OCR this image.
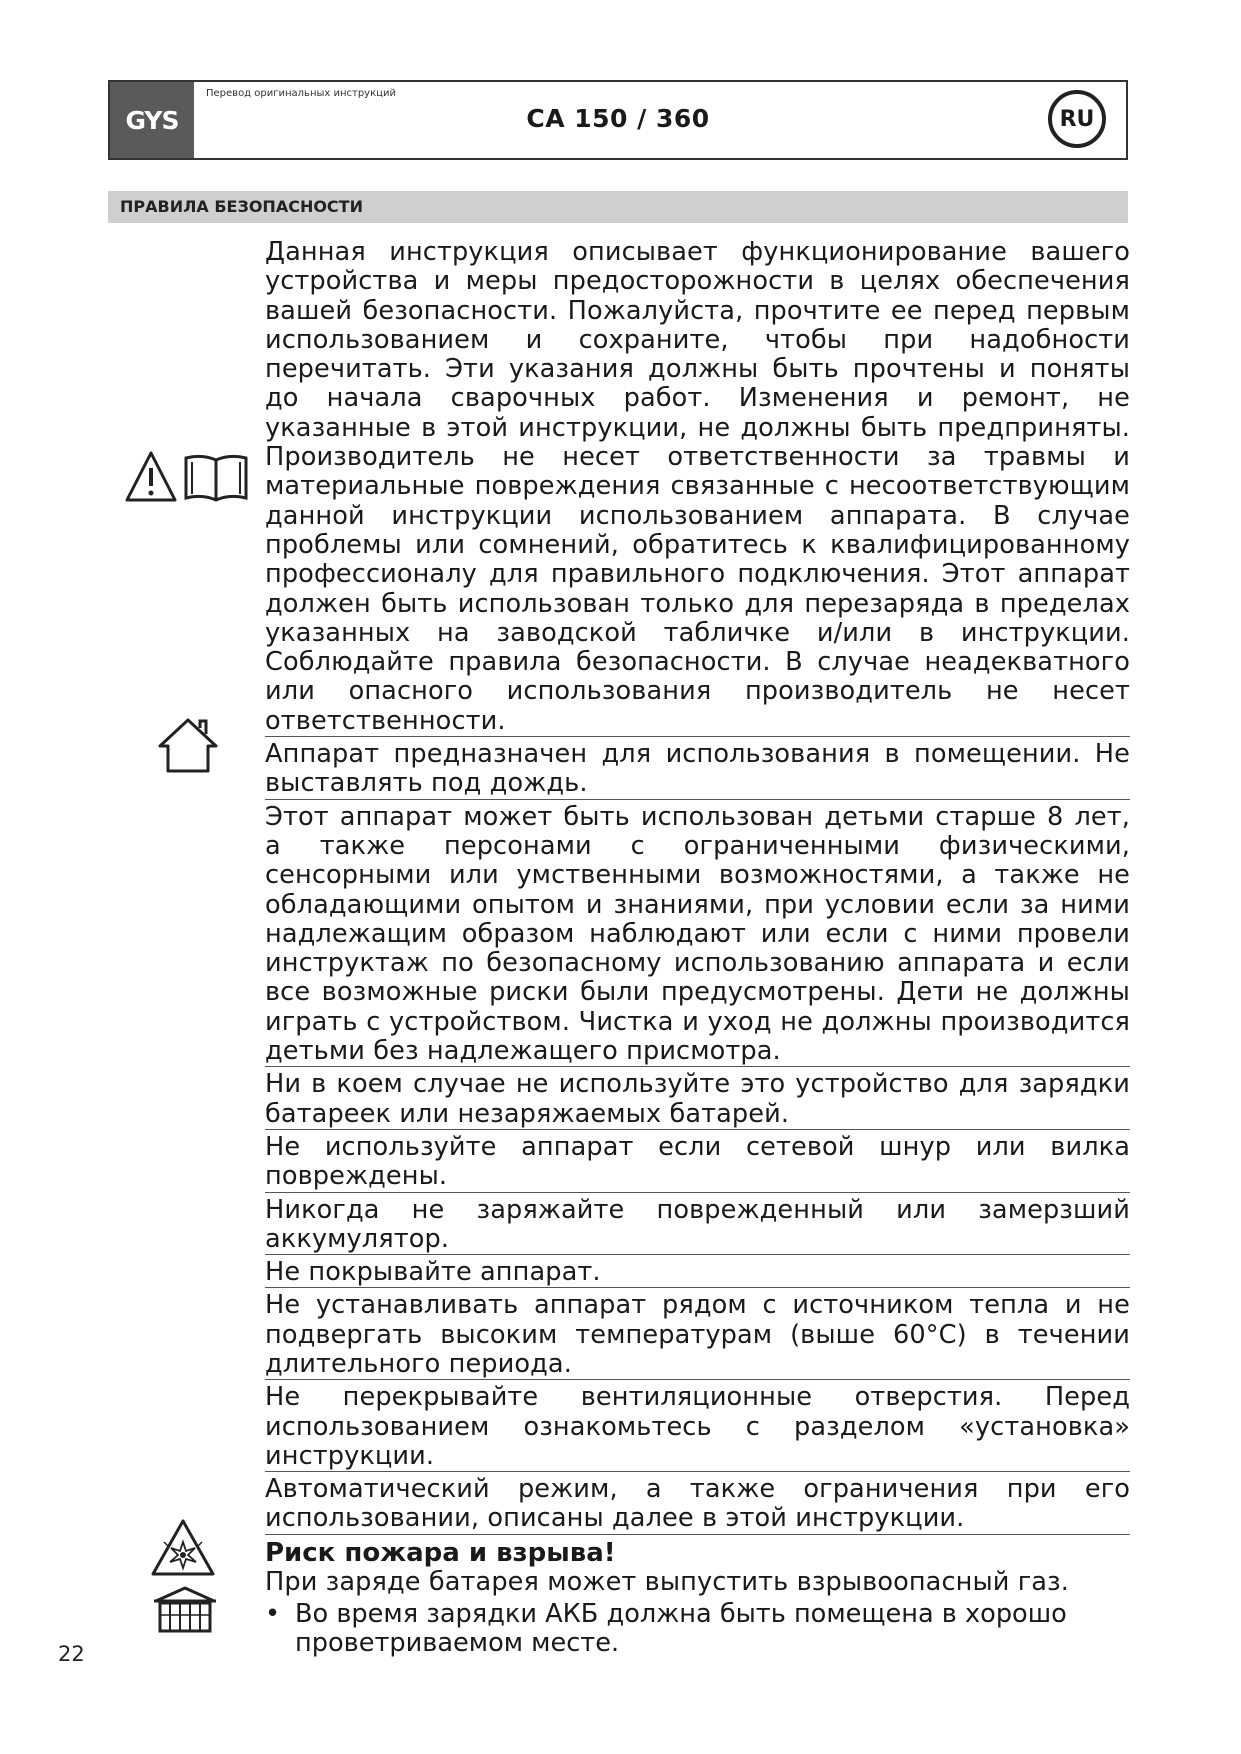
GYS
Перевод оригинальных инструкций
CA 150 / 360	RU
ПРАВИЛА БЕЗОПАСНОСТИ

Данная инструкция описывает функционирование вашего устройства и меры предосторожности в целях обеспечения вашей безопасности. Пожалуйста, прочтите ее перед первым использованием и сохраните, чтобы при надобности перечитать. Эти указания должны быть прочтены и поняты до начала сварочных работ. Изменения и ремонт, не указанные в этой инструкции, не должны быть предприняты. Производитель не несет ответственности за травмы и материальные повреждения связанные с несоответствующим данной инструкции использованием аппарата. В случае проблемы или сомнений, обратитесь к квалифицированному профессионалу для правильного подключения. Этот аппарат должен быть использован только для перезаряда в пределах указанных на заводской табличке и/или в инструкции. Соблюдайте правила безопасности. В случае неадекватного или опасного использования производитель не несет ответственности.

Аппарат предназначен для использования в помещении. Не выставлять под дождь.

Этот аппарат может быть использован детьми старше 8 лет, а также персонами с ограниченными физическими, сенсорными или умственными возможностями, а также не обладающими опытом и знаниями, при условии если за ними надлежащим образом наблюдают или если с ними провели инструктаж по безопасному использованию аппарата и если все возможные риски были предусмотрены. Дети не должны играть с устройством. Чистка и уход не должны производится детьми без надлежащего присмотра.

Ни в коем случае не используйте это устройство для зарядки батареек или незаряжаемых батарей.

Не используйте аппарат если сетевой шнур или вилка повреждены.

Никогда не заряжайте поврежденный или замерзший аккумулятор.

Не покрывайте аппарат.

Не устанавливать аппарат рядом с источником тепла и не подвергать высоким температурам (выше 60°C) в течении длительного периода.

Не перекрывайте вентиляционные отверстия. Перед использованием ознакомьтесь с разделом «установка» инструкции.

Автоматический режим, а также ограничения при его использовании, описаны далее в этой инструкции.

Риск пожара и взрыва!

При заряде батарея может выпустить взрывоопасный газ.

• Во время зарядки АКБ должна быть помещена в хорошо проветриваемом месте.
22
